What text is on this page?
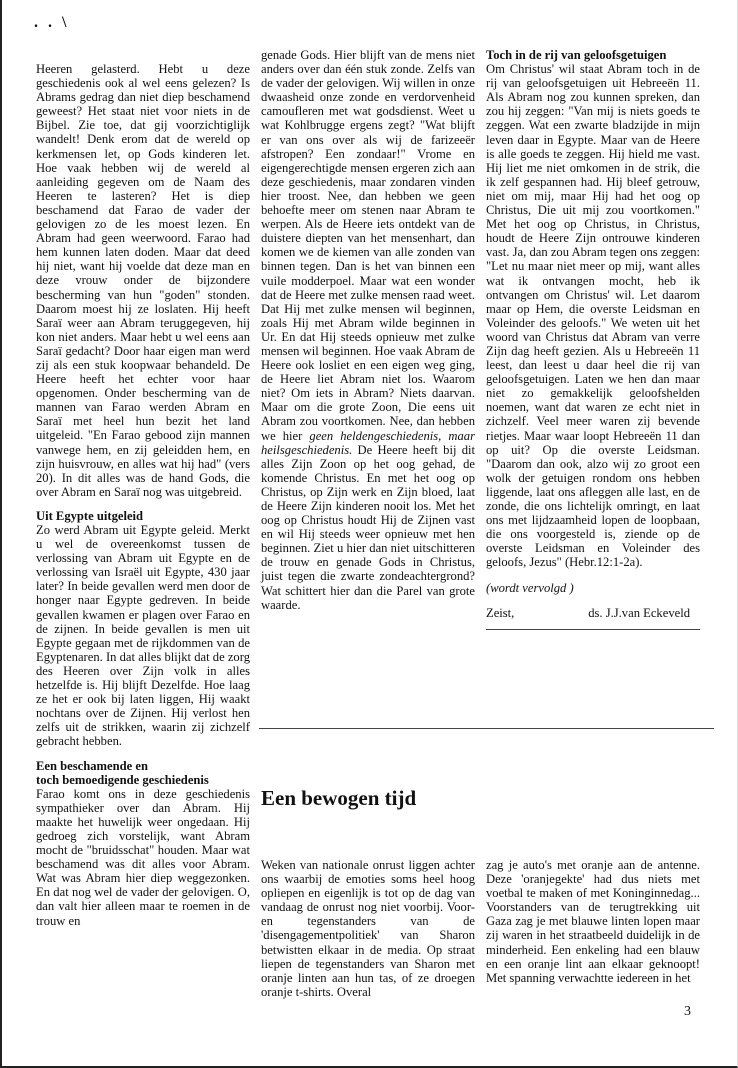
. . \

Heeren gelasterd. Hebt u deze geschiedenis ook al wel eens gelezen? Is Abrams gedrag dan niet diep beschamend geweest? Het staat niet voor niets in de Bijbel. Zie toe, dat gij voorzichtiglijk wandelt! Denk erom dat de wereld op kerkmensen let, op Gods kinderen let. Hoe vaak hebben wij de wereld al aanleiding gegeven om de Naam des Heeren te lasteren? Het is diep beschamend dat Farao de vader der gelovigen zo de les moest lezen. En Abram had geen weerwoord. Farao had hem kunnen laten doden. Maar dat deed hij niet, want hij voelde dat deze man en deze vrouw onder de bijzondere bescherming van hun "goden" stonden. Daarom moest hij ze loslaten. Hij heeft Saraï weer aan Abram teruggegeven, hij kon niet anders. Maar hebt u wel eens aan Saraï gedacht? Door haar eigen man werd zij als een stuk koopwaar behandeld. De Heere heeft het echter voor haar opgenomen. Onder bescherming van de mannen van Farao werden Abram en Saraï met heel hun bezit het land uitgeleid. "En Farao gebood zijn mannen vanwege hem, en zij geleidden hem, en zijn huisvrouw, en alles wat hij had" (vers 20). In dit alles was de hand Gods, die over Abram en Saraï nog was uitgebreid.

Uit Egypte uitgeleid

Zo werd Abram uit Egypte geleid. Merkt u wel de overeenkomst tussen de verlossing van Abram uit Egypte en de verlossing van Israël uit Egypte, 430 jaar later? In beide gevallen werd men door de honger naar Egypte gedreven. In beide gevallen kwamen er plagen over Farao en de zijnen. In beide gevallen is men uit Egypte gegaan met de rijkdommen van de Egyptenaren. In dat alles blijkt dat de zorg des Heeren over Zijn volk in alles hetzelfde is. Hij blijft Dezelfde. Hoe laag ze het er ook bij laten liggen, Hij waakt nochtans over de Zijnen. Hij verlost hen zelfs uit de strikken, waarin zij zichzelf gebracht hebben.

Een beschamende en
toch bemoedigende geschiedenis

Farao komt ons in deze geschiedenis sympathieker over dan Abram. Hij maakte het huwelijk weer ongedaan. Hij gedroeg zich vorstelijk, want Abram mocht de "bruidsschat" houden. Maar wat beschamend was dit alles voor Abram. Wat was Abram hier diep weggezonken. En dat nog wel de vader der gelovigen. O, dan valt hier alleen maar te roemen in de trouw en

genade Gods. Hier blijft van de mens niet anders over dan één stuk zonde. Zelfs van de vader der gelovigen. Wij willen in onze dwaasheid onze zonde en verdorvenheid camoufleren met wat godsdienst. Weet u wat Kohlbrugge ergens zegt? "Wat blijft er van ons over als wij de farizeeër afstropen? Een zondaar!" Vrome en eigengerechtigde mensen ergeren zich aan deze geschiedenis, maar zondaren vinden hier troost. Nee, dan hebben we geen behoefte meer om stenen naar Abram te werpen. Als de Heere iets ontdekt van de duistere diepten van het mensenhart, dan komen we de kiemen van alle zonden van binnen tegen. Dan is het van binnen een vuile modderpoel. Maar wat een wonder dat de Heere met zulke mensen raad weet. Dat Hij met zulke mensen wil beginnen, zoals Hij met Abram wilde beginnen in Ur. En dat Hij steeds opnieuw met zulke mensen wil beginnen. Hoe vaak Abram de Heere ook losliet en een eigen weg ging, de Heere liet Abram niet los. Waarom niet? Om iets in Abram? Niets daarvan. Maar om die grote Zoon, Die eens uit Abram zou voortkomen. Nee, dan hebben we hier geen heldengeschiedenis, maar heilsgeschiedenis. De Heere heeft bij dit alles Zijn Zoon op het oog gehad, de komende Christus. En met het oog op Christus, op Zijn werk en Zijn bloed, laat de Heere Zijn kinderen nooit los. Met het oog op Christus houdt Hij de Zijnen vast en wil Hij steeds weer opnieuw met hen beginnen. Ziet u hier dan niet uitschitteren de trouw en genade Gods in Christus, juist tegen die zwarte zondeachtergrond? Wat schittert hier dan die Parel van grote waarde.

Toch in de rij van geloofsgetuigen

Om Christus' wil staat Abram toch in de rij van geloofsgetuigen uit Hebreeën 11. Als Abram nog zou kunnen spreken, dan zou hij zeggen: "Van mij is niets goeds te zeggen. Wat een zwarte bladzijde in mijn leven daar in Egypte. Maar van de Heere is alle goeds te zeggen. Hij hield me vast. Hij liet me niet omkomen in de strik, die ik zelf gespannen had. Hij bleef getrouw, niet om mij, maar Hij had het oog op Christus, Die uit mij zou voortkomen." Met het oog op Christus, in Christus, houdt de Heere Zijn ontrouwe kinderen vast. Ja, dan zou Abram tegen ons zeggen: "Let nu maar niet meer op mij, want alles wat ik ontvangen mocht, heb ik ontvangen om Christus' wil. Let daarom maar op Hem, die overste Leidsman en Voleinder des geloofs." We weten uit het woord van Christus dat Abram van verre Zijn dag heeft gezien. Als u Hebreeën 11 leest, dan leest u daar heel die rij van geloofsgetuigen. Laten we hen dan maar niet zo gemakkelijk geloofshelden noemen, want dat waren ze echt niet in zichzelf. Veel meer waren zij bevende rietjes. Maar waar loopt Hebreeën 11 dan op uit? Op die overste Leidsman. "Daarom dan ook, alzo wij zo groot een wolk der getuigen rondom ons hebben liggende, laat ons afleggen alle last, en de zonde, die ons lichtelijk omringt, en laat ons met lijdzaamheid lopen de loopbaan, die ons voorgesteld is, ziende op de overste Leidsman en Voleinder des geloofs, Jezus" (Hebr.12:1-2a).

(wordt vervolgd )

Zeist,	ds. J.J.van Eckeveld

Een bewogen tijd

Weken van nationale onrust liggen achter ons waarbij de emoties soms heel hoog opliepen en eigenlijk is tot op de dag van vandaag de onrust nog niet voorbij. Voor- en tegenstanders van de 'disengagementpolitiek' van Sharon betwistten elkaar in de media. Op straat liepen de tegenstanders van Sharon met oranje linten aan hun tas, of ze droegen oranje t-shirts. Overal

zag je auto's met oranje aan de antenne. Deze 'oranjegekte' had dus niets met voetbal te maken of met Koninginnedag... Voorstanders van de terugtrekking uit Gaza zag je met blauwe linten lopen maar zij waren in het straatbeeld duidelijk in de minderheid. Een enkeling had een blauw en een oranje lint aan elkaar geknoopt! Met spanning verwachtte iedereen in het

3
